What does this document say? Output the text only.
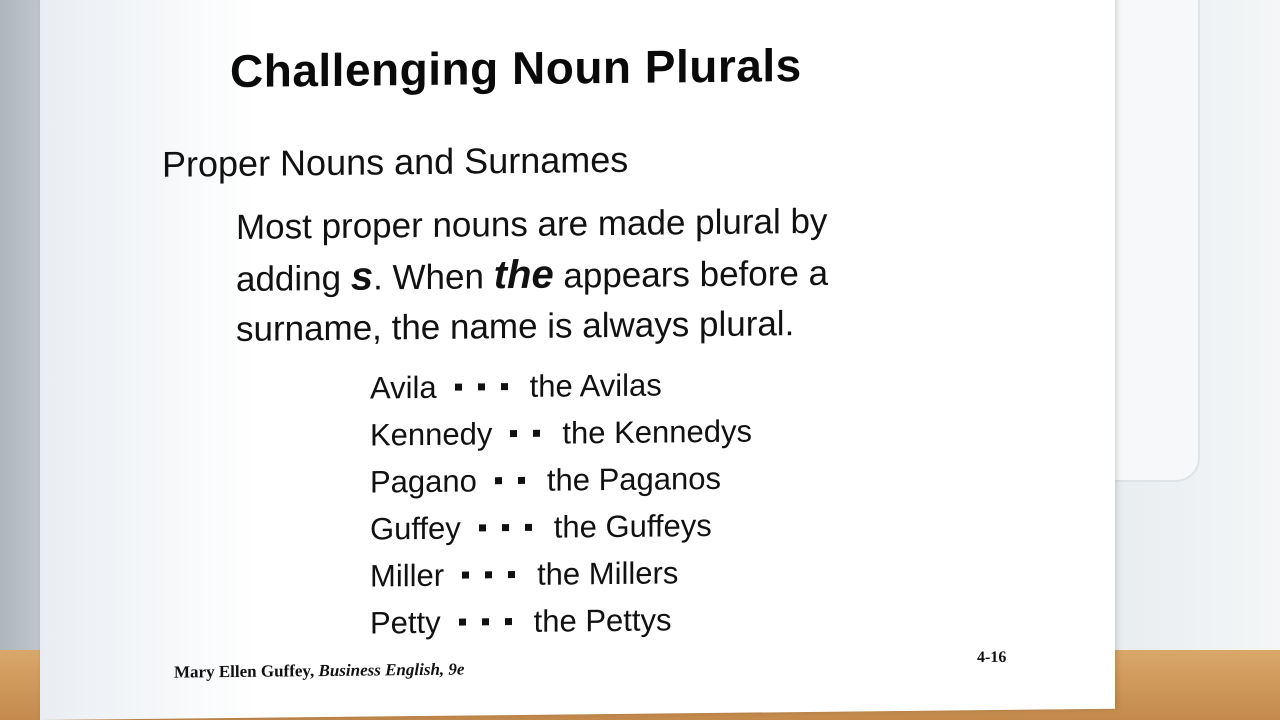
Challenging Noun Plurals
Proper Nouns and Surnames
Most proper nouns are made plural by
adding s. When the appears before a
surname, the name is always plural.
Avila	the Avilas
Kennedy the Kennedys
Pagano the Paganos
Guffey	the Guffeys
Miller	the Millers
Petty	the Pettys
Mary Ellen Guffey, Business English, 9e
4-16
